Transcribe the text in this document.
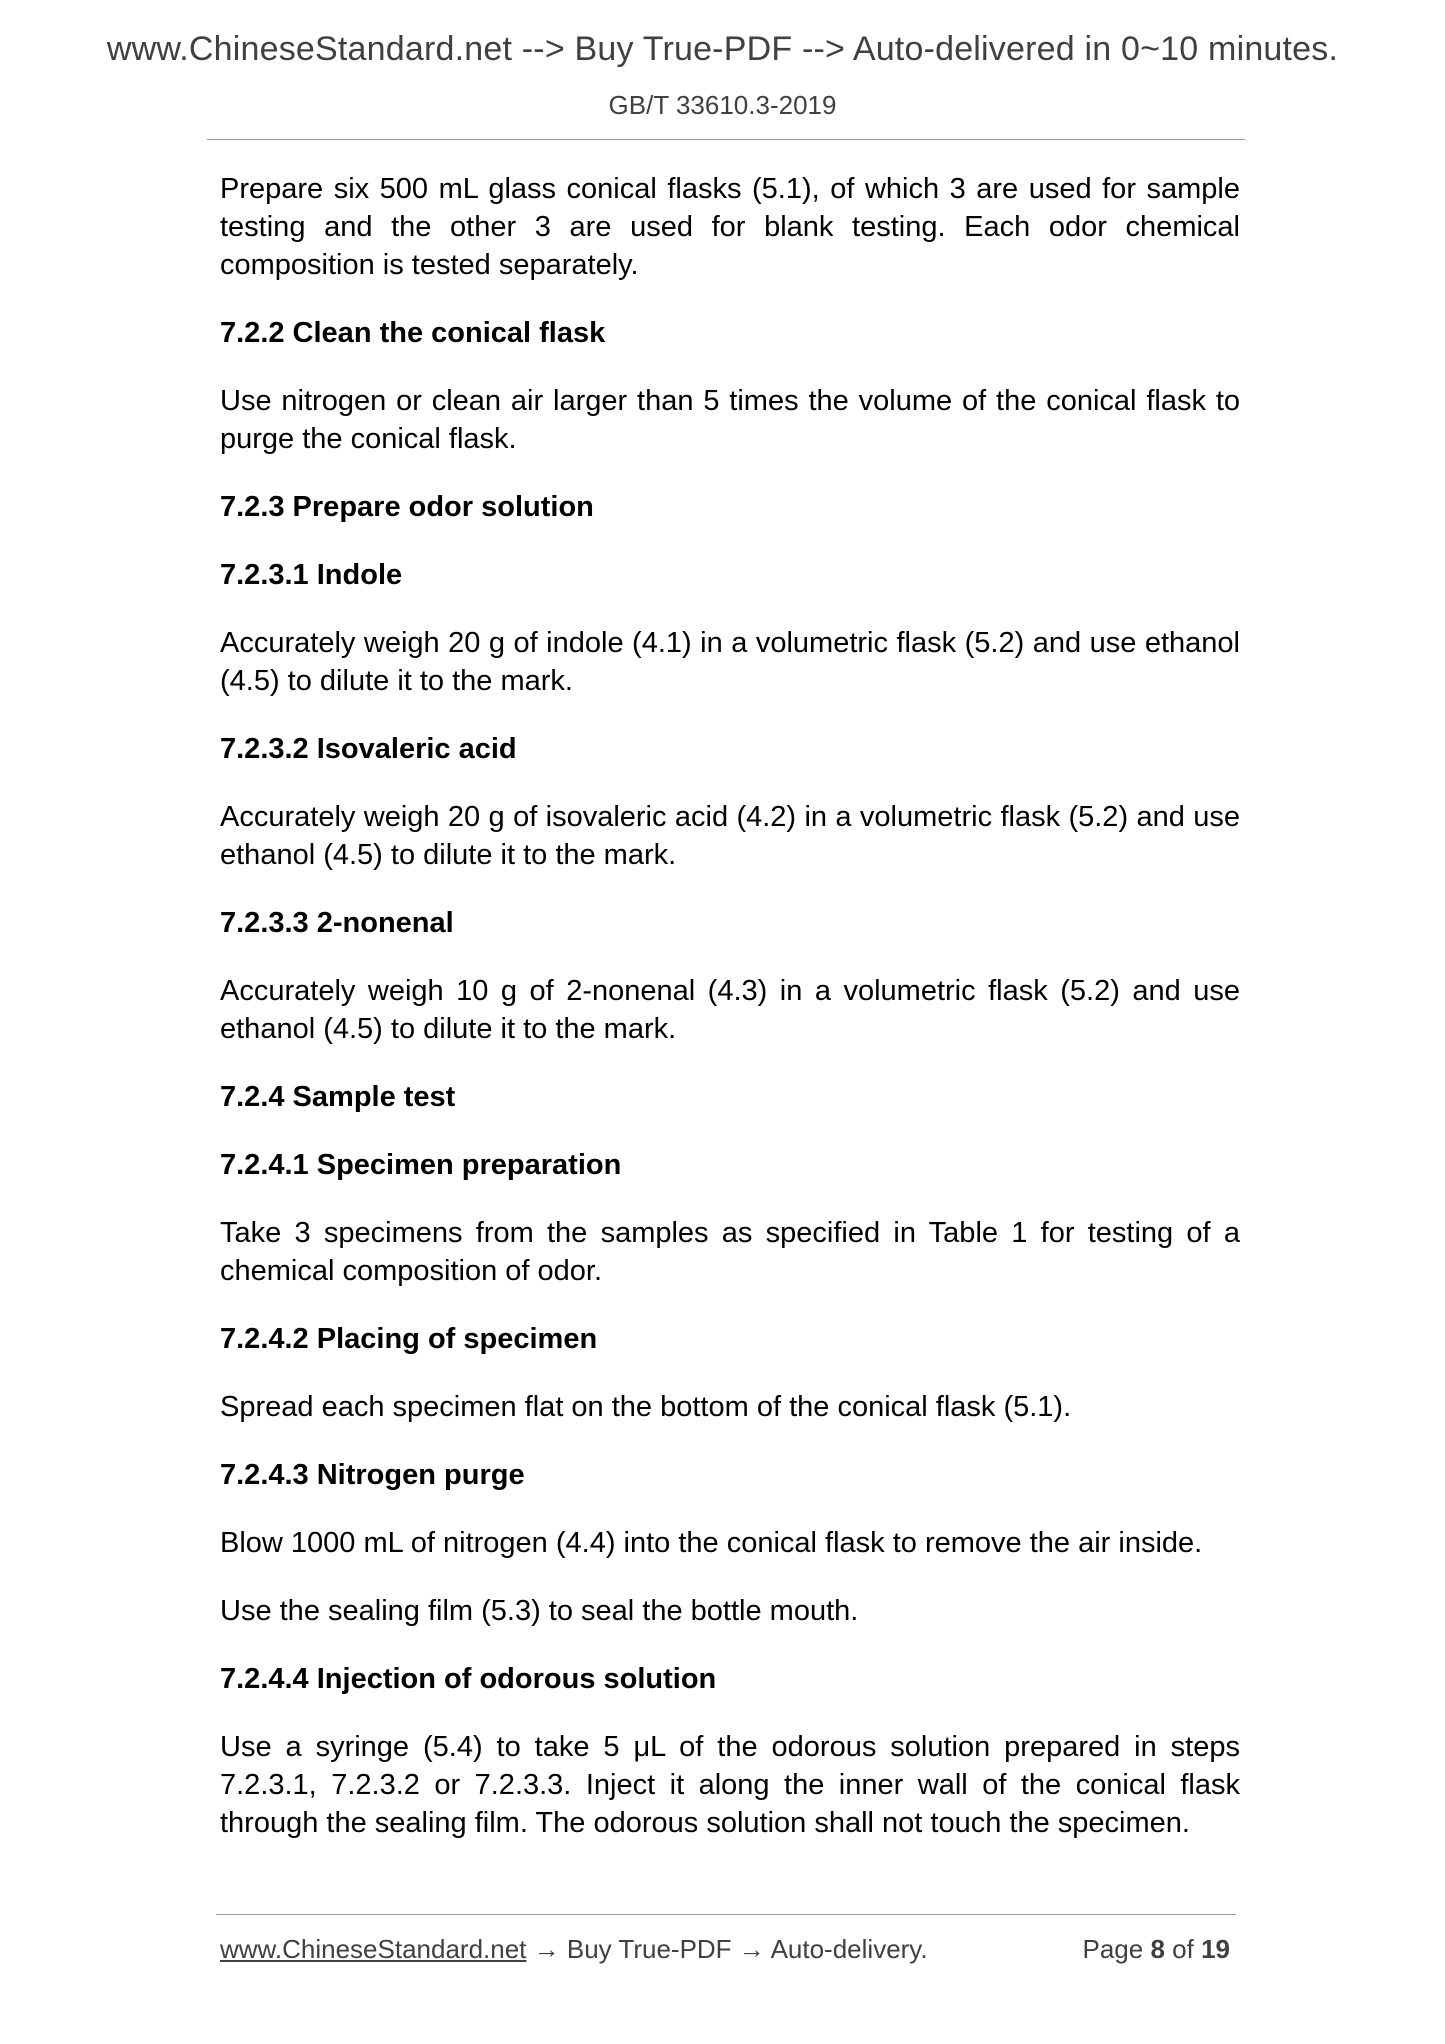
www.ChineseStandard.net --> Buy True-PDF --> Auto-delivered in 0~10 minutes.
GB/T 33610.3-2019

Prepare six 500 mL glass conical flasks (5.1), of which 3 are used for sample testing and the other 3 are used for blank testing. Each odor chemical composition is tested separately.

7.2.2 Clean the conical flask

Use nitrogen or clean air larger than 5 times the volume of the conical flask to purge the conical flask.

7.2.3 Prepare odor solution
7.2.3.1 Indole

Accurately weigh 20 g of indole (4.1) in a volumetric flask (5.2) and use ethanol (4.5) to dilute it to the mark.

7.2.3.2 Isovaleric acid

Accurately weigh 20 g of isovaleric acid (4.2) in a volumetric flask (5.2) and use ethanol (4.5) to dilute it to the mark.

7.2.3.3 2-nonenal

Accurately weigh 10 g of 2-nonenal (4.3) in a volumetric flask (5.2) and use ethanol (4.5) to dilute it to the mark.

7.2.4 Sample test
7.2.4.1 Specimen preparation

Take 3 specimens from the samples as specified in Table 1 for testing of a chemical composition of odor.

7.2.4.2 Placing of specimen

Spread each specimen flat on the bottom of the conical flask (5.1).

7.2.4.3 Nitrogen purge

Blow 1000 mL of nitrogen (4.4) into the conical flask to remove the air inside.

Use the sealing film (5.3) to seal the bottle mouth.

7.2.4.4 Injection of odorous solution

Use a syringe (5.4) to take 5 μL of the odorous solution prepared in steps 7.2.3.1, 7.2.3.2 or 7.2.3.3. Inject it along the inner wall of the conical flask through the sealing film. The odorous solution shall not touch the specimen.

www.ChineseStandard.net → Buy True-PDF → Auto-delivery.	Page 8 of 19
